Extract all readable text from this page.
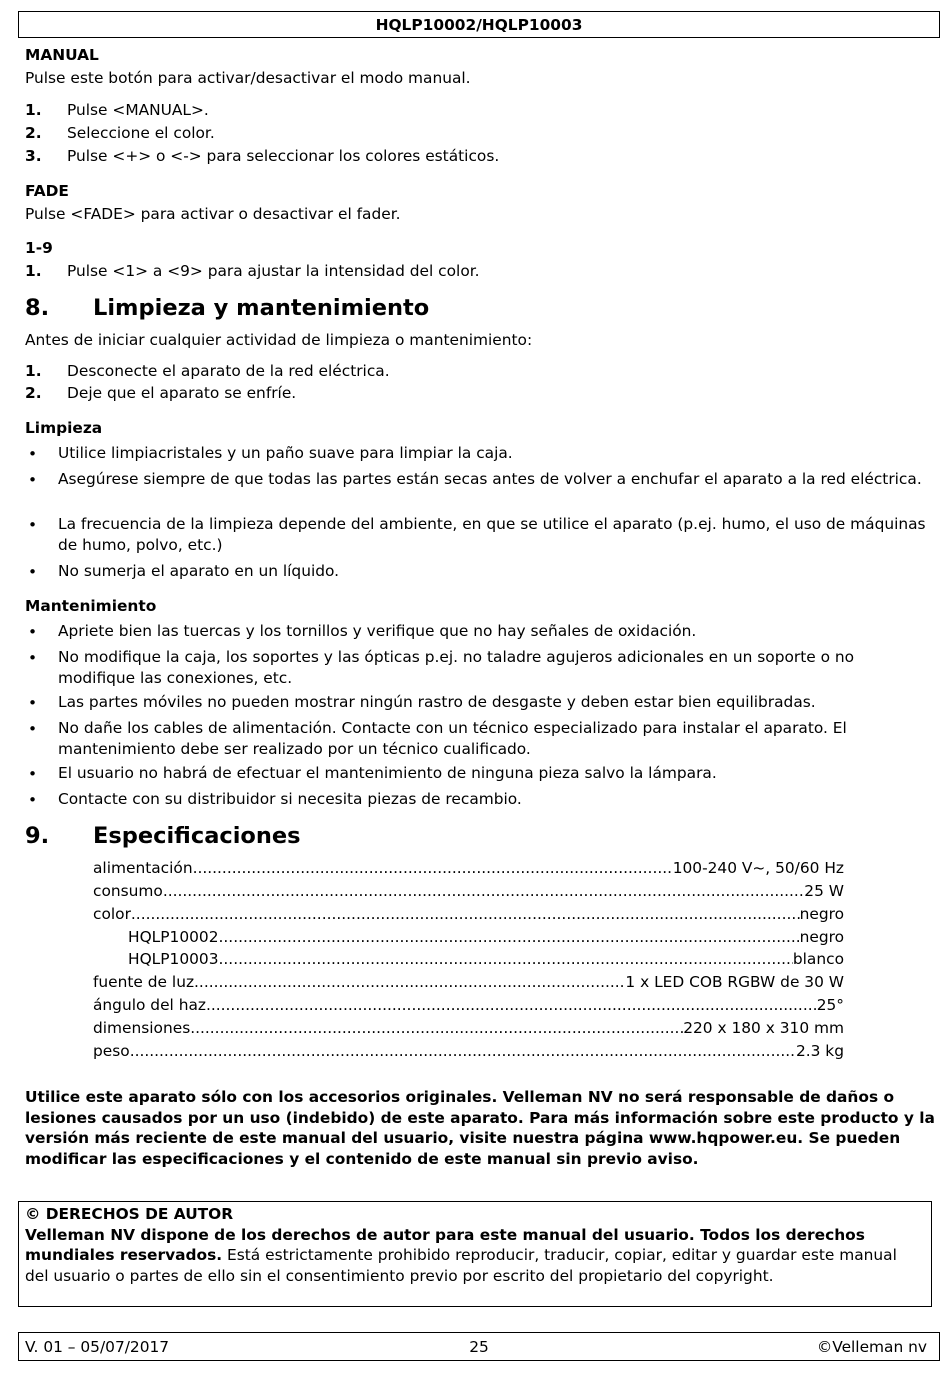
HQLP10002/HQLP10003
MANUAL
Pulse este botón para activar/desactivar el modo manual.
1. Pulse <MANUAL>.
2. Seleccione el color.
3. Pulse <+> o <-> para seleccionar los colores estáticos.
FADE
Pulse <FADE> para activar o desactivar el fader.
1-9
1. Pulse <1> a <9> para ajustar la intensidad del color.
8. Limpieza y mantenimiento
Antes de iniciar cualquier actividad de limpieza o mantenimiento:
1. Desconecte el aparato de la red eléctrica.
2. Deje que el aparato se enfríe.
Limpieza
• Utilice limpiacristales y un paño suave para limpiar la caja.
• Asegúrese siempre de que todas las partes están secas antes de volver a enchufar el aparato a la red eléctrica.
• La frecuencia de la limpieza depende del ambiente, en que se utilice el aparato (p.ej. humo, el uso de máquinas de humo, polvo, etc.)
• No sumerja el aparato en un líquido.
Mantenimiento
• Apriete bien las tuercas y los tornillos y verifique que no hay señales de oxidación.
• No modifique la caja, los soportes y las ópticas p.ej. no taladre agujeros adicionales en un soporte o no modifique las conexiones, etc.
• Las partes móviles no pueden mostrar ningún rastro de desgaste y deben estar bien equilibradas.
• No dañe los cables de alimentación. Contacte con un técnico especializado para instalar el aparato. El mantenimiento debe ser realizado por un técnico cualificado.
• El usuario no habrá de efectuar el mantenimiento de ninguna pieza salvo la lámpara.
• Contacte con su distribuidor si necesita piezas de recambio.
9. Especificaciones
alimentación .....	100-240 V~, 50/60 Hz
consumo .....	25 W
color .....	negro
HQLP10002 .....	negro
HQLP10003 .....	blanco
fuente de luz .....	1 x LED COB RGBW de 30 W
ángulo del haz .....	25°
dimensiones .....	220 x 180 x 310 mm
peso .....	2.3 kg
Utilice este aparato sólo con los accesorios originales. Velleman NV no será responsable de daños o lesiones causados por un uso (indebido) de este aparato. Para más información sobre este producto y la versión más reciente de este manual del usuario, visite nuestra página www.hqpower.eu. Se pueden modificar las especificaciones y el contenido de este manual sin previo aviso.
© DERECHOS DE AUTOR
Velleman NV dispone de los derechos de autor para este manual del usuario. Todos los derechos mundiales reservados. Está estrictamente prohibido reproducir, traducir, copiar, editar y guardar este manual del usuario o partes de ello sin el consentimiento previo por escrito del propietario del copyright.
V. 01 – 05/07/2017	25	©Velleman nv
